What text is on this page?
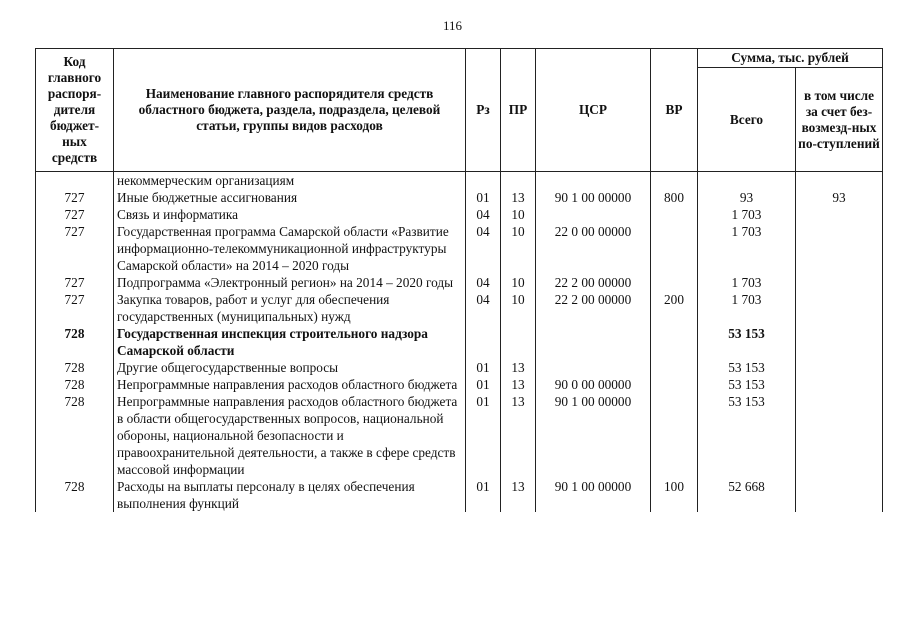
116
Код главного распоря-дителя бюджет-ных средств	Наименование главного распорядителя средств областного бюджета, раздела, подраздела, целевой статьи, группы видов расходов	Рз	ПР	ЦСР	ВР	Сумма, тыс. рублей	
						Всего	в том числе за счет без-возмезд-ных по-ступлений
	некоммерческим организациям						
727	Иные бюджетные ассигнования	01	13	90 1 00 00000	800	93	93
727	Связь и информатика	04	10			1 703	
727	Государственная программа Самарской области «Развитие информационно-телекоммуникационной инфраструктуры Самарской области» на 2014 – 2020 годы	04	10	22 0 00 00000		1 703	
727	Подпрограмма «Электронный регион» на 2014 – 2020 годы	04	10	22 2 00 00000		1 703	
727	Закупка товаров, работ и услуг для обеспечения государственных (муниципальных) нужд	04	10	22 2 00 00000	200	1 703	
728	Государственная инспекция строительного надзора Самарской области					53 153	
728	Другие общегосударственные вопросы	01	13			53 153	
728	Непрограммные направления расходов областного бюджета	01	13	90 0 00 00000		53 153	
728	Непрограммные направления расходов областного бюджета в области общегосударственных вопросов, национальной обороны, национальной безопасности и правоохранительной деятельности, а также в сфере средств массовой информации	01	13	90 1 00 00000		53 153	
728	Расходы на выплаты персоналу в целях обеспечения выполнения функций	01	13	90 1 00 00000	100	52 668	
